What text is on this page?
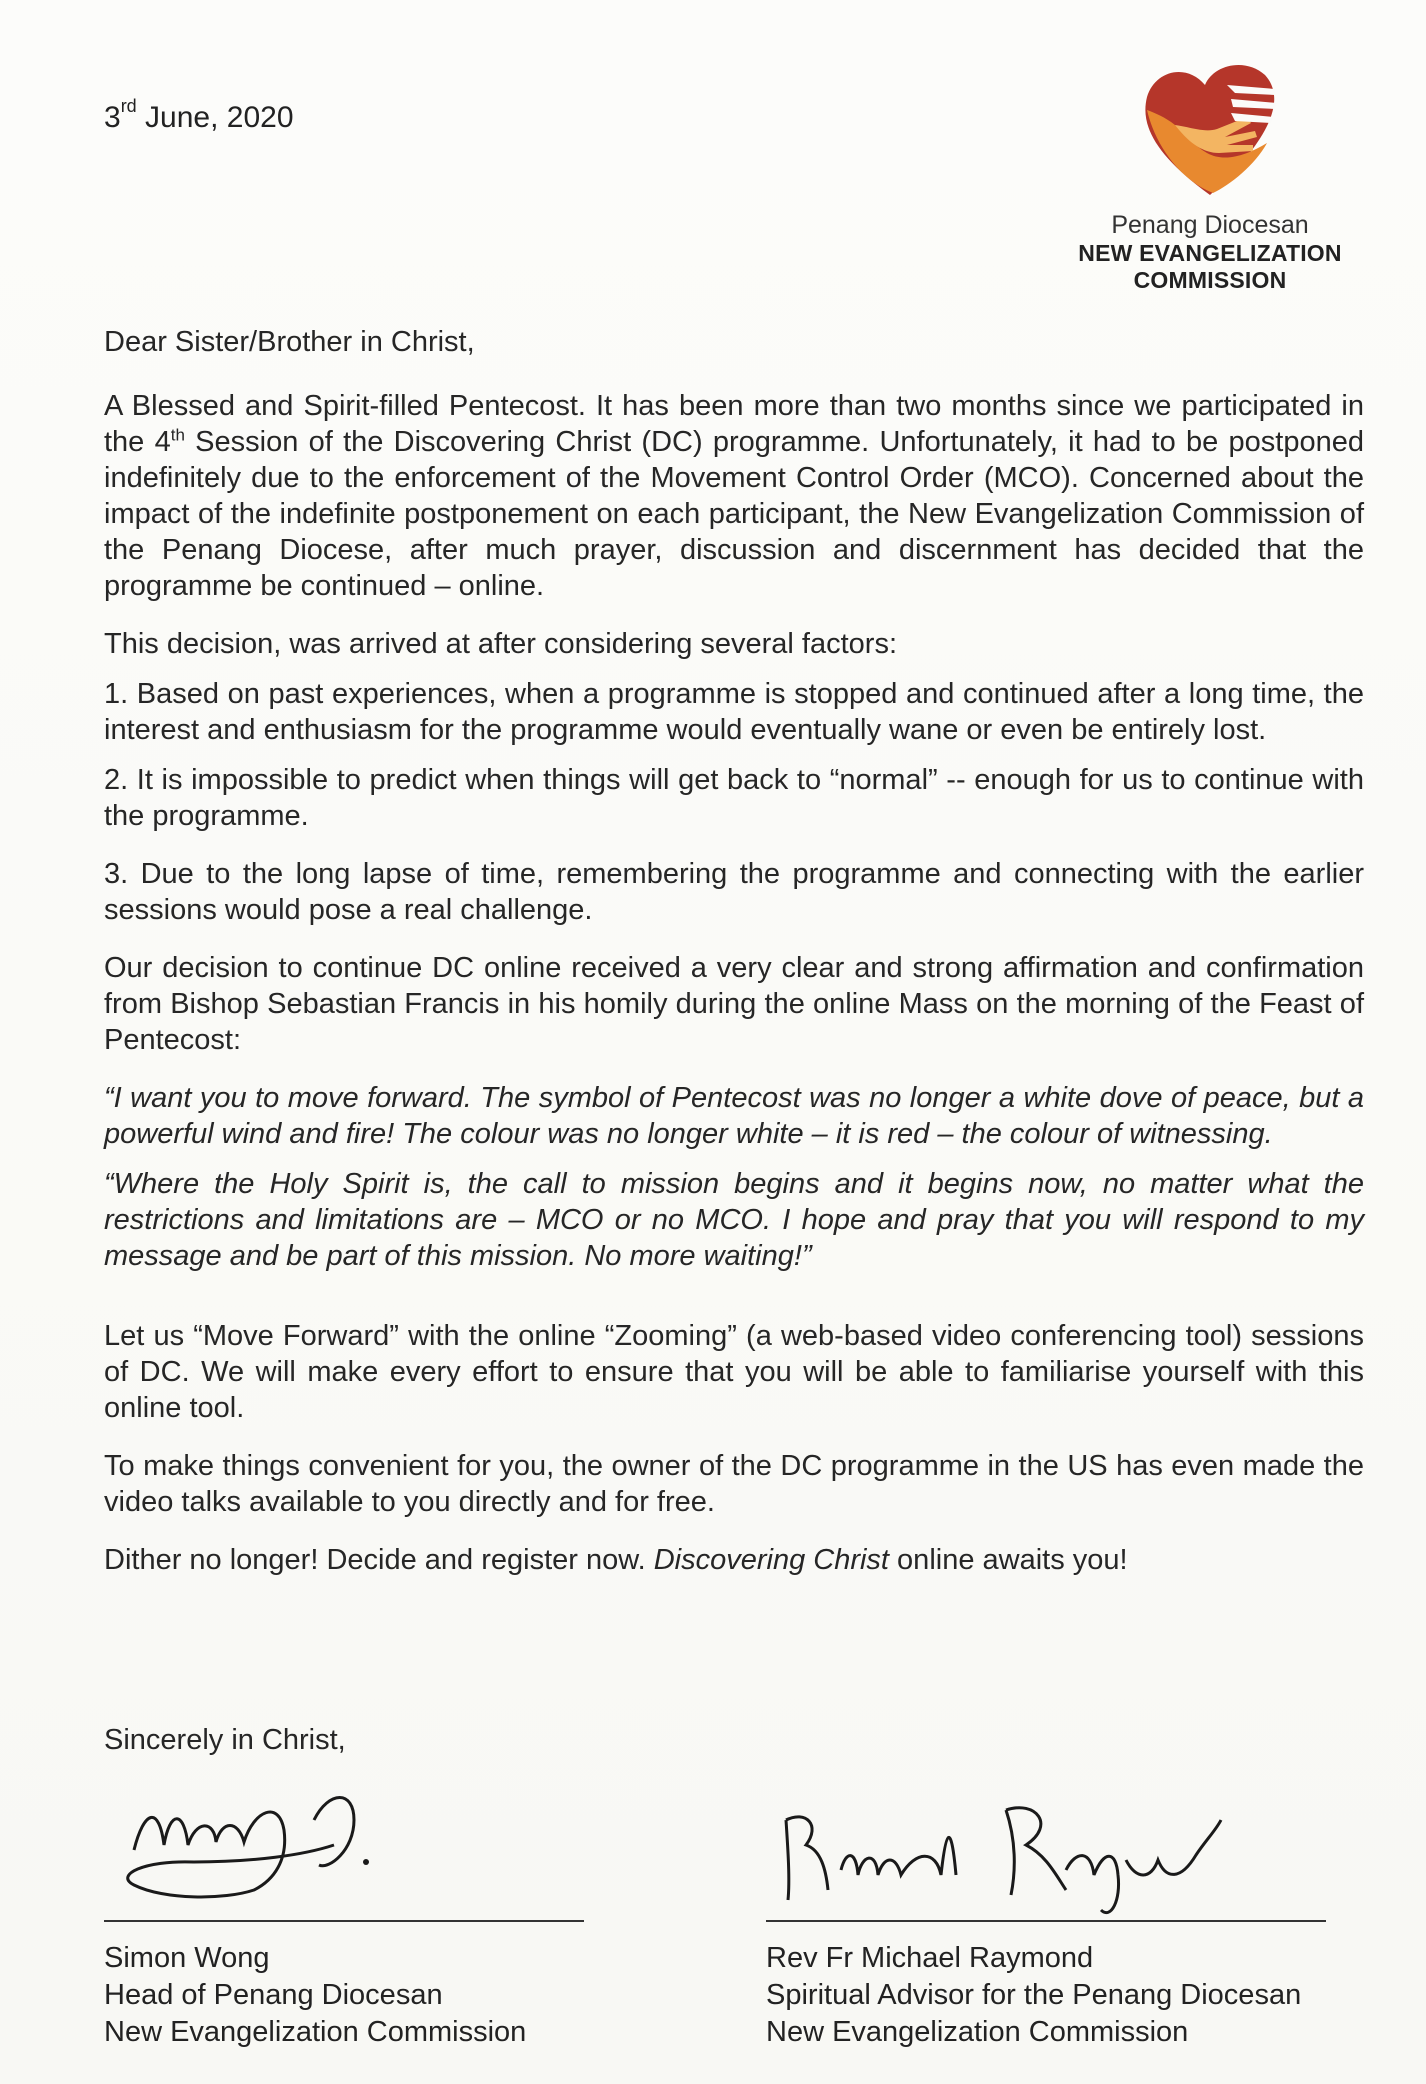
3rd June, 2020
Penang Diocesan
NEW EVANGELIZATION
COMMISSION

Dear Sister/Brother in Christ,

A Blessed and Spirit-filled Pentecost. It has been more than two months since we participated in the 4th Session of the Discovering Christ (DC) programme. Unfortunately, it had to be postponed indefinitely due to the enforcement of the Movement Control Order (MCO). Concerned about the impact of the indefinite postponement on each participant, the New Evangelization Commission of the Penang Diocese, after much prayer, discussion and discernment has decided that the programme be continued – online.

This decision, was arrived at after considering several factors:

1. Based on past experiences, when a programme is stopped and continued after a long time, the interest and enthusiasm for the programme would eventually wane or even be entirely lost.

2. It is impossible to predict when things will get back to “normal” -- enough for us to continue with the programme.

3. Due to the long lapse of time, remembering the programme and connecting with the earlier sessions would pose a real challenge.

Our decision to continue DC online received a very clear and strong affirmation and confirmation from Bishop Sebastian Francis in his homily during the online Mass on the morning of the Feast of Pentecost:

“I want you to move forward. The symbol of Pentecost was no longer a white dove of peace, but a powerful wind and fire! The colour was no longer white – it is red – the colour of witnessing.

“Where the Holy Spirit is, the call to mission begins and it begins now, no matter what the restrictions and limitations are – MCO or no MCO. I hope and pray that you will respond to my message and be part of this mission. No more waiting!”

Let us “Move Forward” with the online “Zooming” (a web-based video conferencing tool) sessions of DC. We will make every effort to ensure that you will be able to familiarise yourself with this online tool.

To make things convenient for you, the owner of the DC programme in the US has even made the video talks available to you directly and for free.

Dither no longer! Decide and register now. Discovering Christ online awaits you!

Sincerely in Christ,
Simon Wong
Head of Penang Diocesan
New Evangelization Commission
Rev Fr Michael Raymond
Spiritual Advisor for the Penang Diocesan
New Evangelization Commission
